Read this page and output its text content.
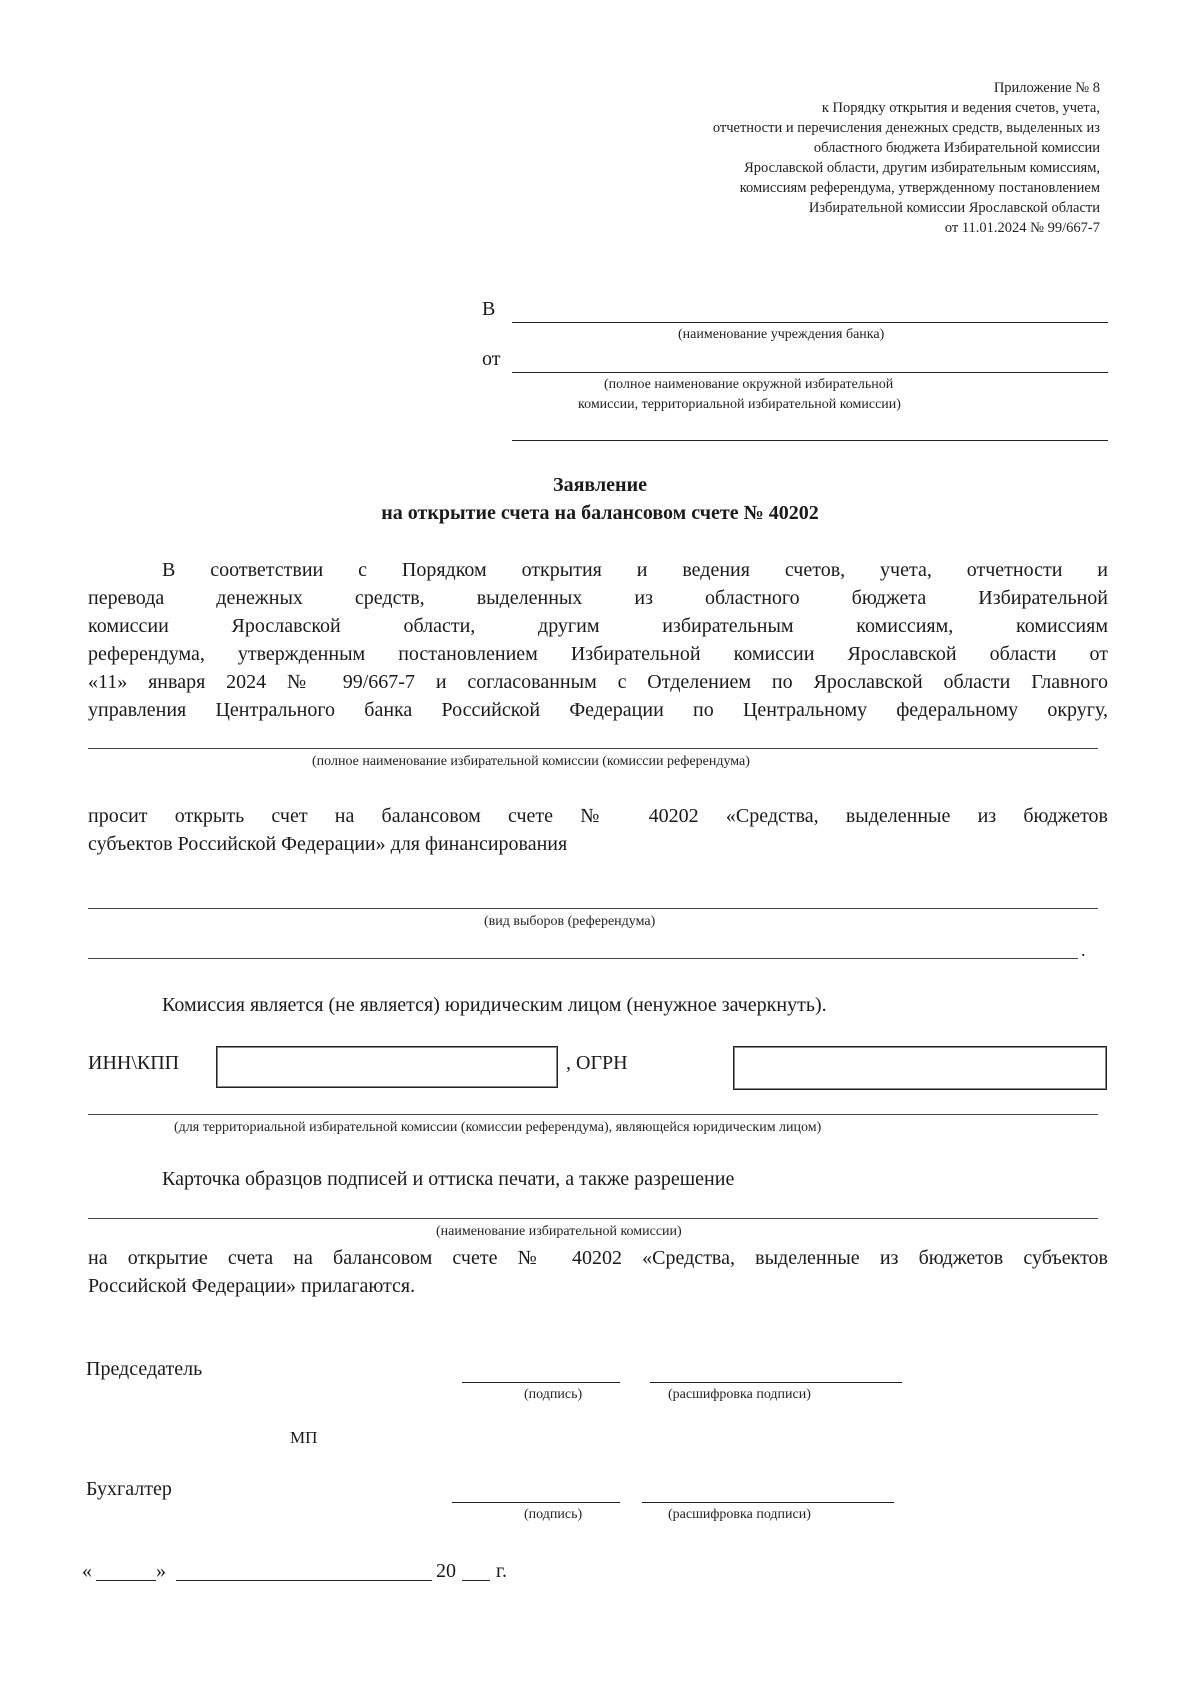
Приложение № 8
к Порядку открытия и ведения счетов, учета,
отчетности и перечисления денежных средств, выделенных из
областного бюджета Избирательной комиссии
Ярославской области, другим избирательным комиссиям,
комиссиям референдума, утвержденному постановлением
Избирательной комиссии Ярославской области
от 11.01.2024 № 99/667-7
В
(наименование учреждения банка)
от
(полное наименование окружной избирательной
комиссии, территориальной избирательной комиссии)
Заявление
на открытие счета на балансовом счете № 40202
В соответствии с Порядком открытия и ведения счетов, учета, отчетности и
перевода денежных средств, выделенных из областного бюджета Избирательной
комиссии Ярославской области, другим избирательным комиссиям, комиссиям
референдума, утвержденным постановлением Избирательной комиссии Ярославской области от
«11» января 2024 № 99/667-7 и согласованным с Отделением по Ярославской области Главного
управления Центрального банка Российской Федерации по Центральному федеральному округу,
(полное наименование избирательной комиссии (комиссии референдума)
просит открыть счет на балансовом счете № 40202 «Средства, выделенные из бюджетов
субъектов Российской Федерации» для финансирования
(вид выборов (референдума)
.
Комиссия является (не является) юридическим лицом (ненужное зачеркнуть).
ИНН\КПП	, ОГРН
(для территориальной избирательной комиссии (комиссии референдума), являющейся юридическим лицом)
Карточка образцов подписей и оттиска печати, а также разрешение
(наименование избирательной комиссии)
на открытие счета на балансовом счете № 40202 «Средства, выделенные из бюджетов субъектов
Российской Федерации» прилагаются.
Председатель
(подпись)	(расшифровка подписи)
МП
Бухгалтер
(подпись)	(расшифровка подписи)
«	»	20 г.
